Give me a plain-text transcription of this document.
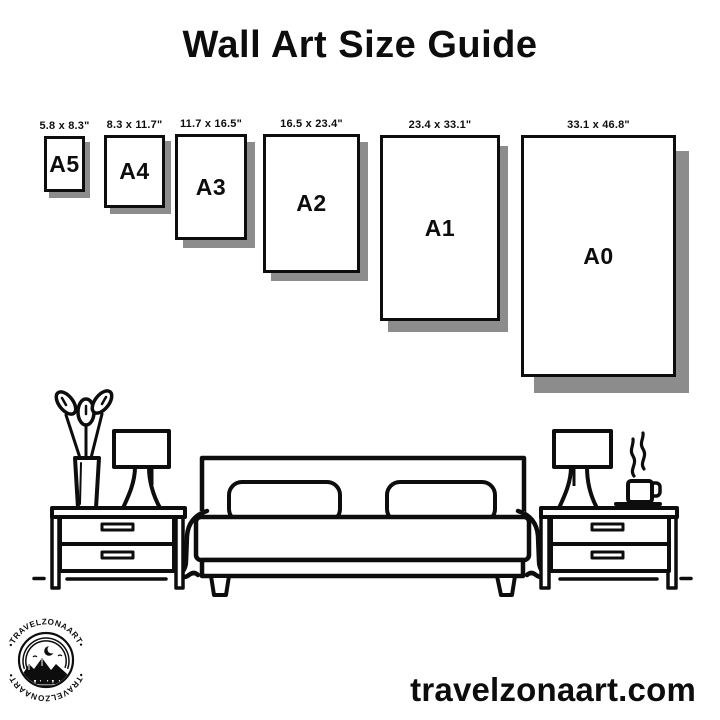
Wall Art Size Guide
5.8 x 8.3"
A5
8.3 x 11.7"
A4
11.7 x 16.5"
A3
16.5 x 23.4"
A2
23.4 x 33.1"
A1
33.1 x 46.8"
A0
•TRAVELZONAART•
•TRAVELZONAART•	travelzonaart.com
